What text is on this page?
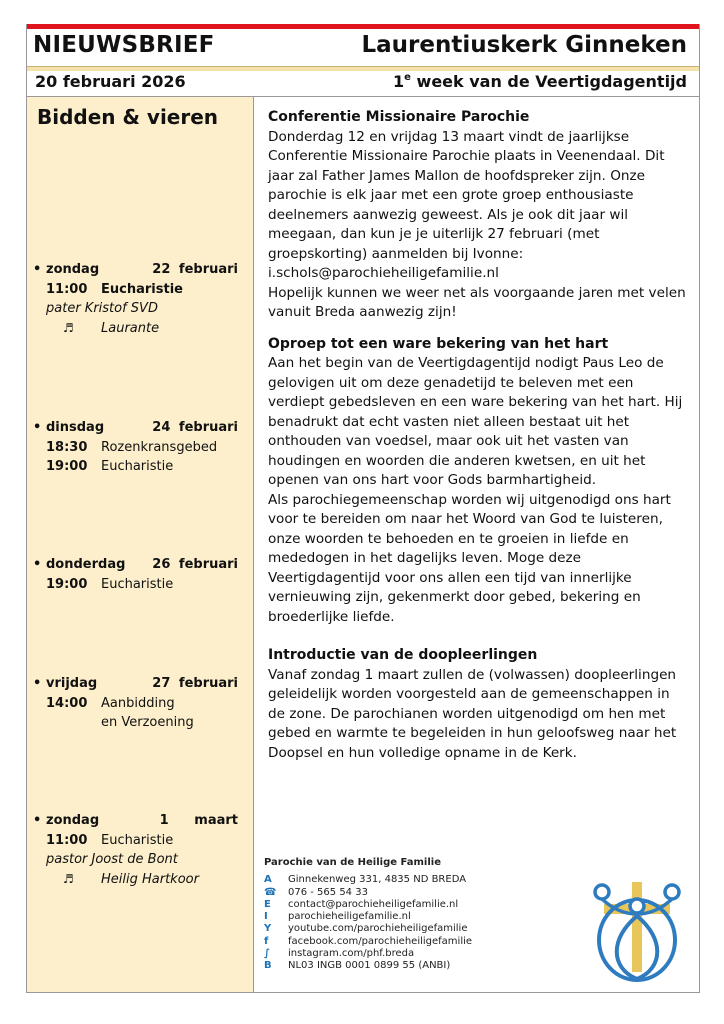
NIEUWSBRIEF	Laurentiuskerk Ginneken
20 februari 2026	1e week van de Veertigdagentijd
Bidden & vieren
• zondag	22 februari
11:00 Eucharistie
pater Kristof SVD
♬ Laurante
• dinsdag	24 februari
18:30 Rozenkransgebed
19:00 Eucharistie
• donderdag 26 februari
19:00 Eucharistie
• vrijdag	27 februari
14:00 Aanbidding
en Verzoening
• zondag	1   maart
11:00 Eucharistie
pastor Joost de Bont
♬ Heilig Hartkoor
Conferentie Missionaire Parochie

Donderdag 12 en vrijdag 13 maart vindt de jaarlijkse Conferentie Missionaire Parochie plaats in Veenendaal. Dit jaar zal Father James Mallon de hoofdspreker zijn. Onze parochie is elk jaar met een grote groep enthousiaste deelnemers aanwezig geweest. Als je ook dit jaar wil meegaan, dan kun je je uiterlijk 27 februari (met groepskorting) aanmelden bij Ivonne:

i.schols@parochieheiligefamilie.nl

Hopelijk kunnen we weer net als voorgaande jaren met velen vanuit Breda aanwezig zijn!

Oproep tot een ware bekering van het hart

Aan het begin van de Veertigdagentijd nodigt Paus Leo de gelovigen uit om deze genadetijd te beleven met een verdiept gebedsleven en een ware bekering van het hart. Hij benadrukt dat echt vasten niet alleen bestaat uit het onthouden van voedsel, maar ook uit het vasten van houdingen en woorden die anderen kwetsen, en uit het openen van ons hart voor Gods barmhartigheid.

Als parochiegemeenschap worden wij uitgenodigd ons hart voor te bereiden om naar het Woord van God te luisteren, onze woorden te behoeden en te groeien in liefde en mededogen in het dagelijks leven. Moge deze Veertigdagentijd voor ons allen een tijd van innerlijke vernieuwing zijn, gekenmerkt door gebed, bekering en broederlijke liefde.

Introductie van de doopleerlingen

Vanaf zondag 1 maart zullen de (volwassen) doopleerlingen geleidelijk worden voorgesteld aan de gemeenschappen in de zone. De parochianen worden uitgenodigd om hen met gebed en warmte te begeleiden in hun geloofsweg naar het Doopsel en hun volledige opname in de Kerk.

Parochie van de Heilige Familie
A	Ginnekenweg 331, 4835 ND BREDA
☎ 076 - 565 54 33
E	contact@parochieheiligefamilie.nl
I	parochieheiligefamilie.nl
Y	youtube.com/parochieheiligefamilie
f	facebook.com/parochieheiligefamilie
∫	instagram.com/phf.breda
B	NL03 INGB 0001 0899 55 (ANBI)
